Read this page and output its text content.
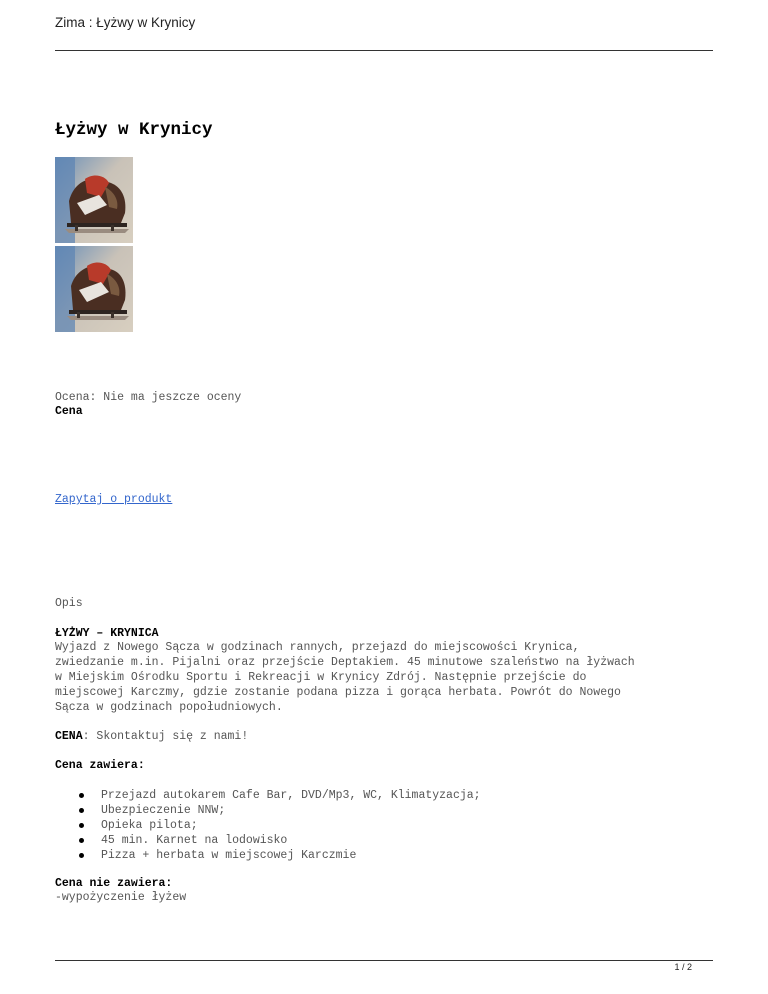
Zima : Łyżwy w Krynicy
Łyżwy w Krynicy
Ocena: Nie ma jeszcze oceny
Cena
Zapytaj o produkt
Opis
ŁYŻWY – KRYNICA
Wyjazd z Nowego Sącza w godzinach rannych, przejazd do miejscowości Krynica,
zwiedzanie m.in. Pijalni oraz przejście Deptakiem. 45 minutowe szaleństwo na łyżwach
w Miejskim Ośrodku Sportu i Rekreacji w Krynicy Zdrój. Następnie przejście do
miejscowej Karczmy, gdzie zostanie podana pizza i gorąca herbata. Powrót do Nowego
Sącza w godzinach popołudniowych.
CENA: Skontaktuj się z nami!
Cena zawiera:
Przejazd autokarem Cafe Bar, DVD/Mp3, WC, Klimatyzacja;
Ubezpieczenie NNW;
Opieka pilota;
45 min. Karnet na lodowisko
Pizza + herbata w miejscowej Karczmie
Cena nie zawiera:
-wypożyczenie łyżew
1 / 2
